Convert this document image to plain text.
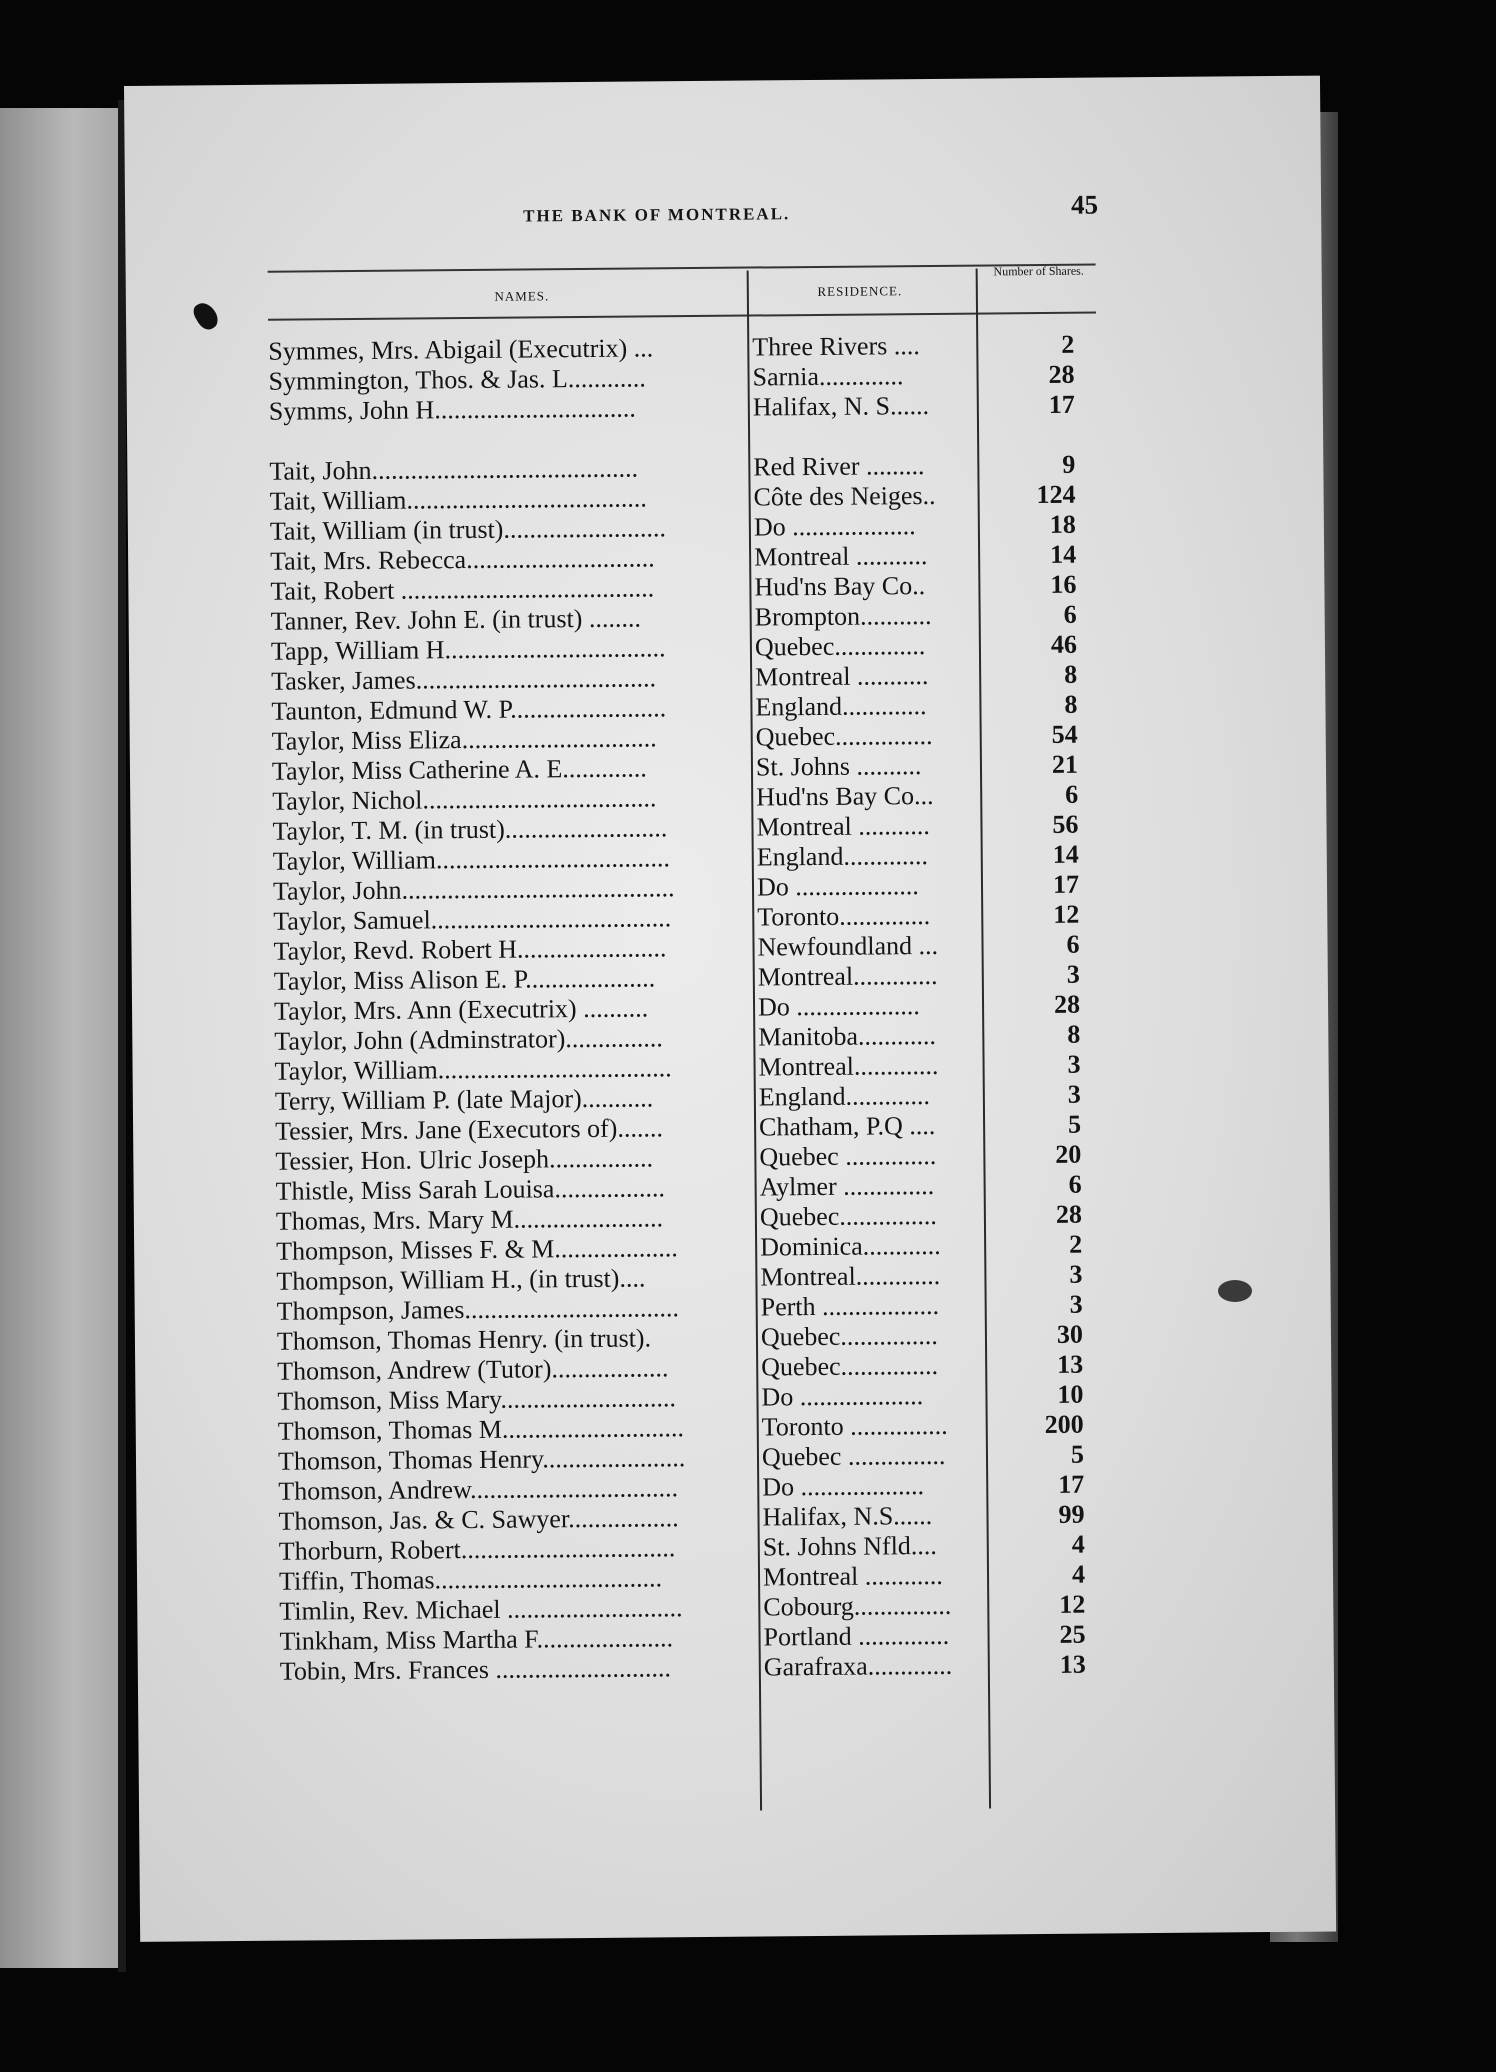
THE BANK OF MONTREAL.	45
NAMES.	RESIDENCE.
Number of Shares.
Symmes, Mrs. Abigail (Executrix) ...	Three Rivers ....	2
Symmington, Thos. & Jas. L............	Sarnia.............	28
Symms, John H...............................	Halifax, N. S......	17
Tait, John.........................................	Red River .........	9
Tait, William.....................................	Côte des Neiges..	124
Tait, William (in trust).........................	Do ...................	18
Tait, Mrs. Rebecca.............................	Montreal ...........	14
Tait, Robert .......................................	Hud'ns Bay Co..	16
Tanner, Rev. John E. (in trust) ........	Brompton...........	6
Tapp, William H..................................	Quebec..............	46
Tasker, James.....................................	Montreal ...........	8
Taunton, Edmund W. P........................	England.............	8
Taylor, Miss Eliza..............................	Quebec...............	54
Taylor, Miss Catherine A. E.............	St. Johns ..........	21
Taylor, Nichol....................................	Hud'ns Bay Co...	6
Taylor, T. M. (in trust).........................	Montreal ...........	56
Taylor, William....................................	England.............	14
Taylor, John..........................................	Do ...................	17
Taylor, Samuel.....................................	Toronto..............	12
Taylor, Revd. Robert H.......................	Newfoundland ...	6
Taylor, Miss Alison E. P....................	Montreal.............	3
Taylor, Mrs. Ann (Executrix) ..........	Do ...................	28
Taylor, John (Adminstrator)...............	Manitoba............	8
Taylor, William....................................	Montreal.............	3
Terry, William P. (late Major)...........	England.............	3
Tessier, Mrs. Jane (Executors of).......	Chatham, P.Q ....	5
Tessier, Hon. Ulric Joseph................	Quebec ..............	20
Thistle, Miss Sarah Louisa.................	Aylmer ..............	6
Thomas, Mrs. Mary M.......................	Quebec...............	28
Thompson, Misses F. & M...................	Dominica............	2
Thompson, William H., (in trust)....	Montreal.............	3
Thompson, James.................................	Perth ..................	3
Thomson, Thomas Henry. (in trust).	Quebec...............	30
Thomson, Andrew (Tutor)..................	Quebec...............	13
Thomson, Miss Mary...........................	Do ...................	10
Thomson, Thomas M............................	Toronto ...............	200
Thomson, Thomas Henry......................	Quebec ...............	5
Thomson, Andrew................................	Do ...................	17
Thomson, Jas. & C. Sawyer.................	Halifax, N.S......	99
Thorburn, Robert.................................	St. Johns Nfld....	4
Tiffin, Thomas...................................	Montreal ............	4
Timlin, Rev. Michael ...........................	Cobourg...............	12
Tinkham, Miss Martha F.....................	Portland ..............	25
Tobin, Mrs. Frances ...........................	Garafraxa.............	13
